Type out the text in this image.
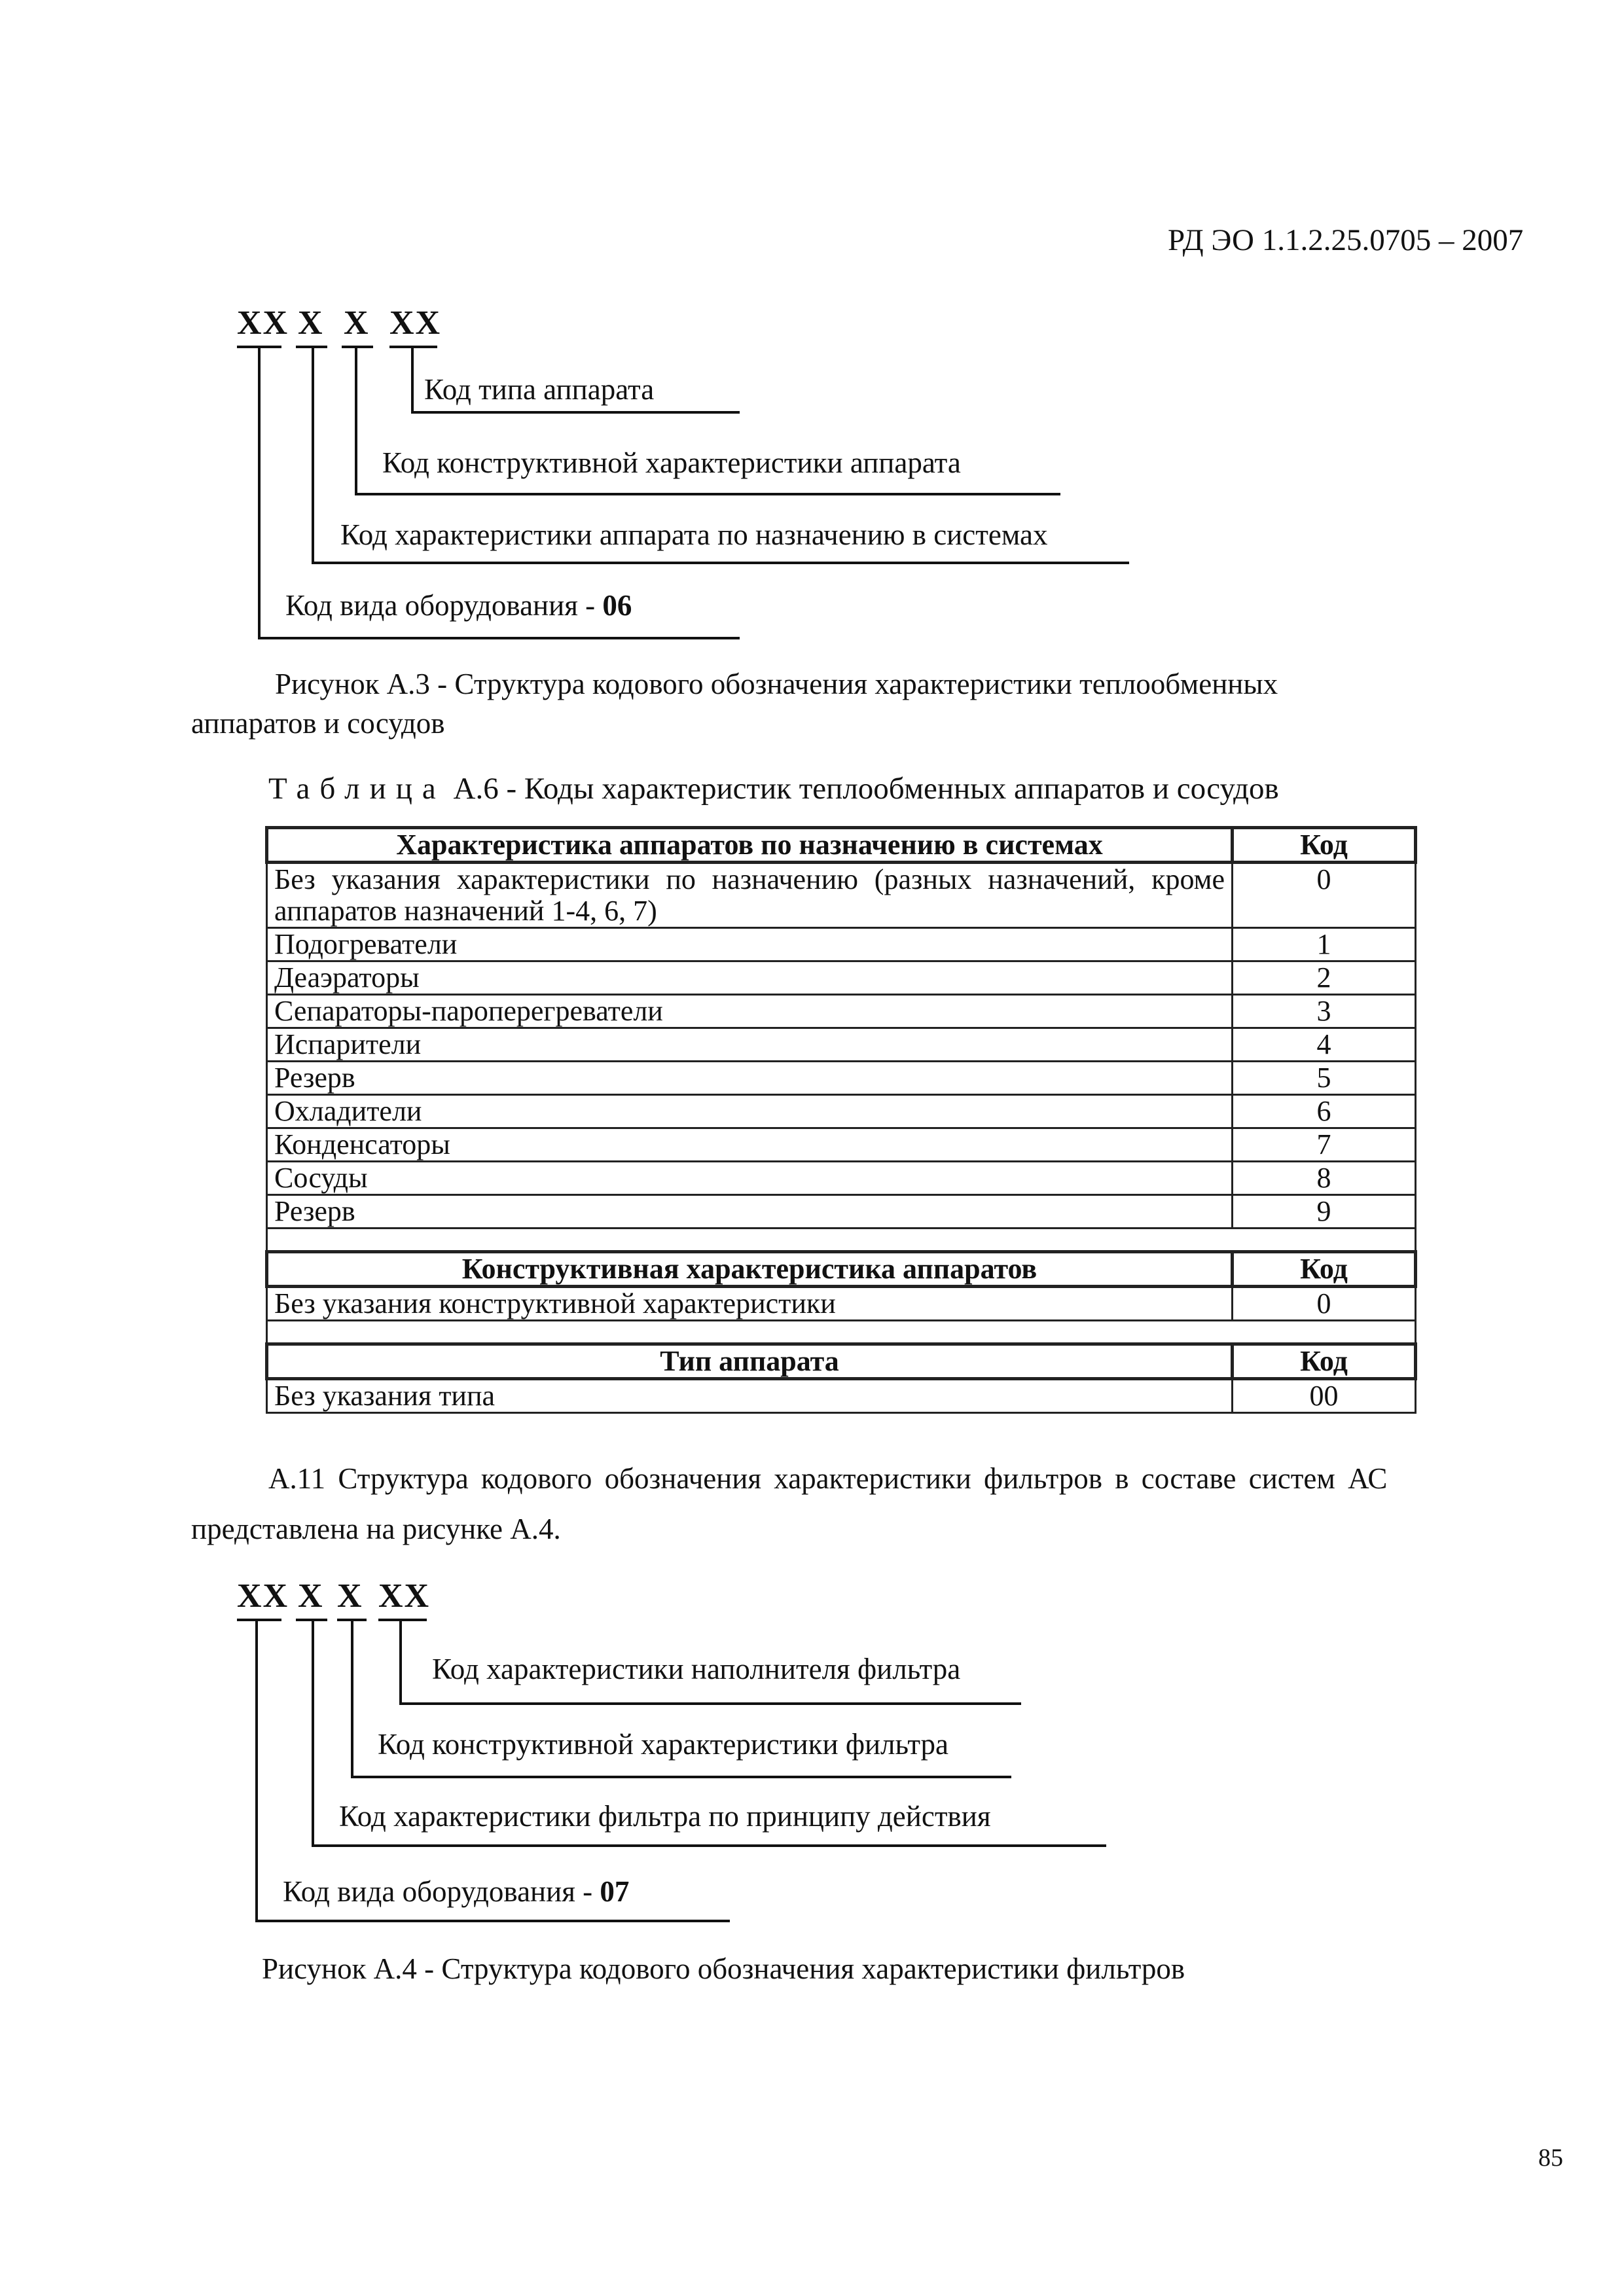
РД ЭО 1.1.2.25.0705 – 2007
85
XX X X XX
Код типа аппарата
Код конструктивной характеристики аппарата
Код характеристики аппарата по назначению в системах
Код вида оборудования - 06
XX X X XX
Код характеристики наполнителя фильтра
Код конструктивной характеристики фильтра
Код характеристики фильтра по принципу действия
Код вида оборудования - 07
Рисунок А.3 - Структура кодового обозначения характеристики теплообменных
аппаратов и сосудов
Таблица А.6 - Коды характеристик теплообменных аппаратов и сосудов
Характеристика аппаратов по назначению в системах	Код

Без указания характеристики по назначению (разных назначений, кроме аппаратов назначений 1-4, 6, 7)	0
Подогреватели	1
Деаэраторы	2
Сепараторы-пароперегреватели	3
Испарители	4
Резерв	5
Охладители	6
Конденсаторы	7
Сосуды	8
Резерв	9

Конструктивная характеристика аппаратов	Код
Без указания конструктивной характеристики	0

Тип аппарата	Код
Без указания типа	00
А.11 Структура кодового обозначения характеристики фильтров в составе систем АС
представлена на рисунке А.4.
Рисунок А.4 - Структура кодового обозначения характеристики фильтров
